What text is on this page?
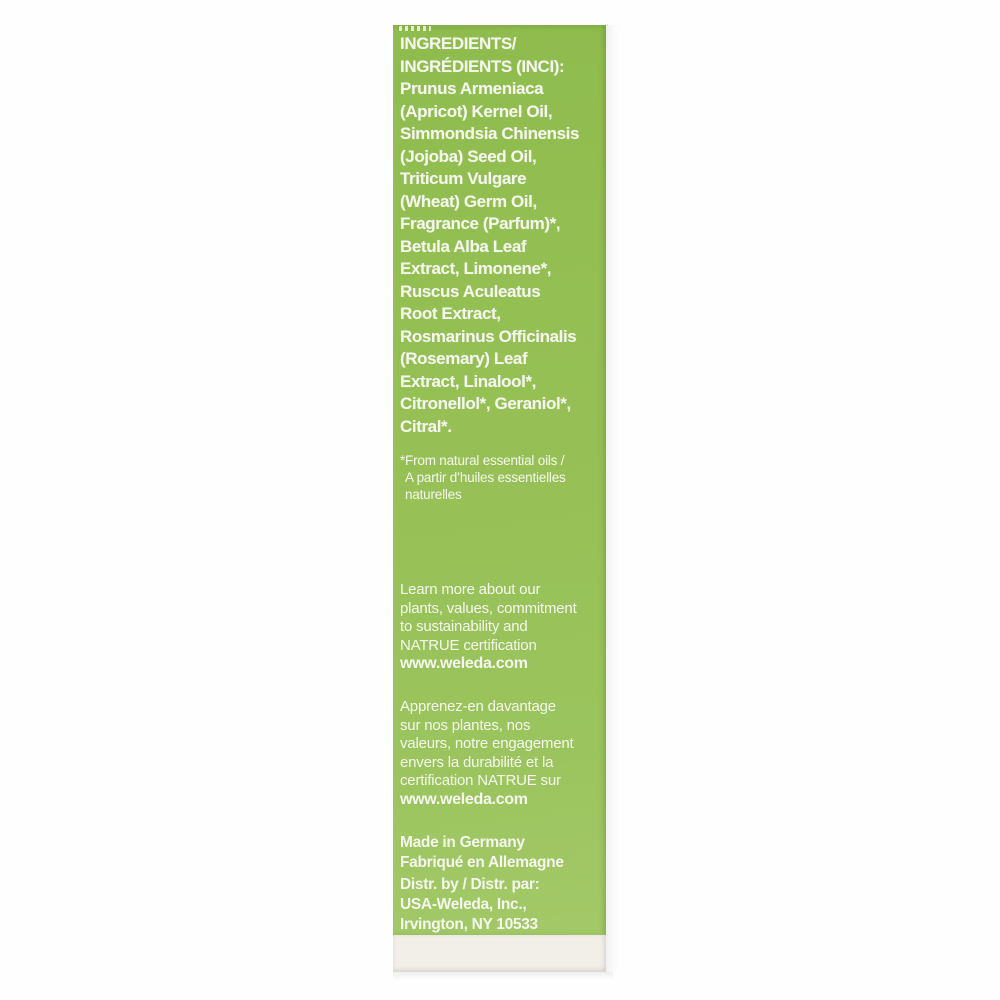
INGREDIENTS/
INGRÉDIENTS (INCI):
Prunus Armeniaca
(Apricot) Kernel Oil,
Simmondsia Chinensis
(Jojoba) Seed Oil,
Triticum Vulgare
(Wheat) Germ Oil,
Fragrance (Parfum)*,
Betula Alba Leaf
Extract, Limonene*,
Ruscus Aculeatus
Root Extract,
Rosmarinus Officinalis
(Rosemary) Leaf
Extract, Linalool*,
Citronellol*, Geraniol*,
Citral*.
*From natural essential oils /
A partir d’huiles essentielles
naturelles
Learn more about our
plants, values, commitment
to sustainability and
NATRUE certification
www.weleda.com
Apprenez-en davantage
sur nos plantes, nos
valeurs, notre engagement
envers la durabilité et la
certification NATRUE sur
www.weleda.com
Made in Germany
Fabriqué en Allemagne
Distr. by / Distr. par:
USA-Weleda, Inc.,
Irvington, NY 10533
